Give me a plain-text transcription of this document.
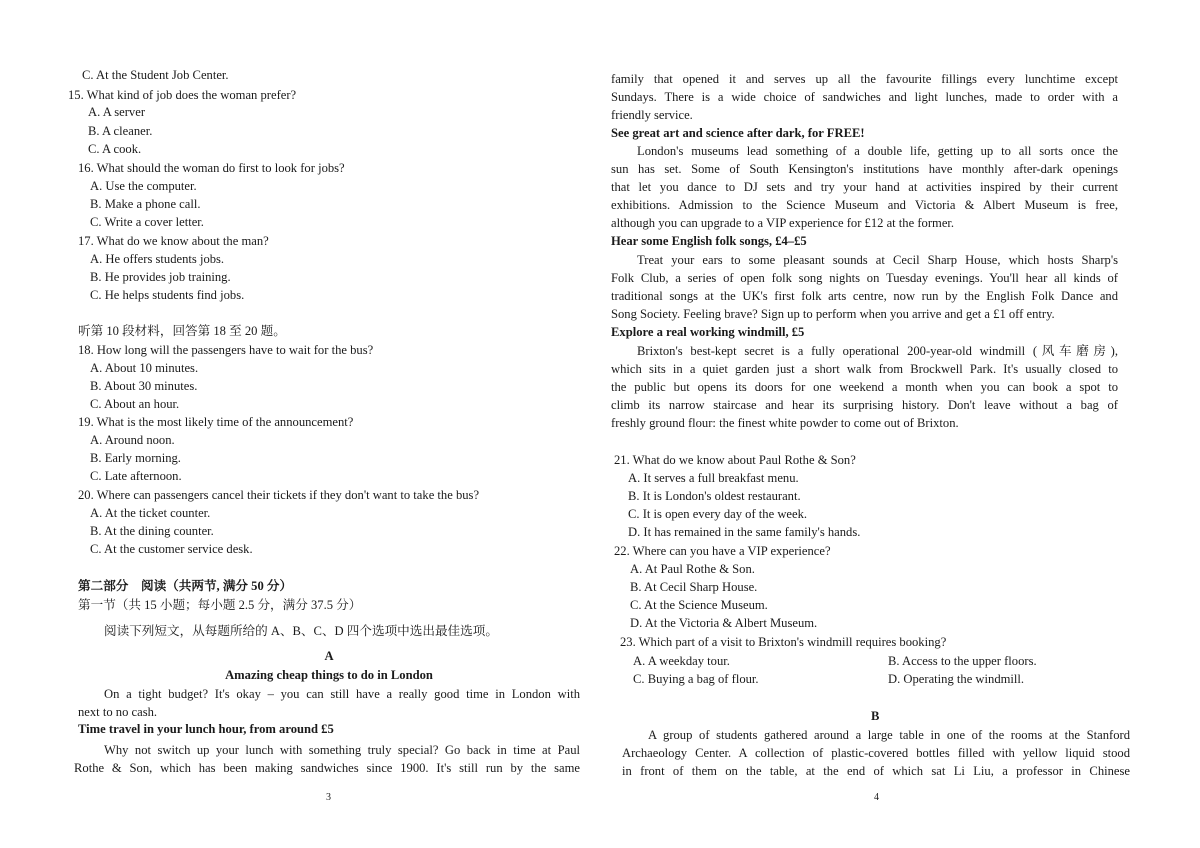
C. At the Student Job Center.
15. What kind of job does the woman prefer?
A. A server
B. A cleaner.
C. A cook.
16. What should the woman do first to look for jobs?
A. Use the computer.
B. Make a phone call.
C. Write a cover letter.
17. What do we know about the man?
A. He offers students jobs.
B. He provides job training.
C. He helps students find jobs.
听第 10 段材料，回答第 18 至 20 题。
18. How long will the passengers have to wait for the bus?
A. About 10 minutes.
B. About 30 minutes.
C. About an hour.
19. What is the most likely time of the announcement?
A. Around noon.
B. Early morning.
C. Late afternoon.
20. Where can passengers cancel their tickets if they don't want to take the bus?
A. At the ticket counter.
B. At the dining counter.
C. At the customer service desk.
第二部分　阅读（共两节, 满分 50 分）
第一节（共 15 小题；每小题 2.5 分，满分 37.5 分）
阅读下列短文，从每题所给的 A、B、C、D 四个选项中选出最佳选项。
A
Amazing cheap things to do in London
On a tight budget? It's okay – you can still have a really good time in London with
next to no cash.
Time travel in your lunch hour, from around £5
Why not switch up your lunch with something truly special? Go back in time at Paul
Rothe & Son, which has been making sandwiches since 1900. It's still run by the same
3
family that opened it and serves up all the favourite fillings every lunchtime except
Sundays. There is a wide choice of sandwiches and light lunches, made to order with a
friendly service.
See great art and science after dark, for FREE!
London's museums lead something of a double life, getting up to all sorts once the
sun has set. Some of South Kensington's institutions have monthly after-dark openings
that let you dance to DJ sets and try your hand at activities inspired by their current
exhibitions. Admission to the Science Museum and Victoria & Albert Museum is free,
although you can upgrade to a VIP experience for £12 at the former.
Hear some English folk songs, £4–£5
Treat your ears to some pleasant sounds at Cecil Sharp House, which hosts Sharp's
Folk Club, a series of open folk song nights on Tuesday evenings. You'll hear all kinds of
traditional songs at the UK's first folk arts centre, now run by the English Folk Dance and
Song Society. Feeling brave? Sign up to perform when you arrive and get a £1 off entry.
Explore a real working windmill, £5
Brixton's best-kept secret is a fully operational 200-year-old windmill (风车磨房),
which sits in a quiet garden just a short walk from Brockwell Park. It's usually closed to
the public but opens its doors for one weekend a month when you can book a spot to
climb its narrow staircase and hear its surprising history. Don't leave without a bag of
freshly ground flour: the finest white powder to come out of Brixton.
21. What do we know about Paul Rothe & Son?
A. It serves a full breakfast menu.
B. It is London's oldest restaurant.
C. It is open every day of the week.
D. It has remained in the same family's hands.
22. Where can you have a VIP experience?
A. At Paul Rothe & Son.
B. At Cecil Sharp House.
C. At the Science Museum.
D. At the Victoria & Albert Museum.
23. Which part of a visit to Brixton's windmill requires booking?
A. A weekday tour.	B. Access to the upper floors.
C. Buying a bag of flour.	D. Operating the windmill.
B
A group of students gathered around a large table in one of the rooms at the Stanford
Archaeology Center. A collection of plastic-covered bottles filled with yellow liquid stood
in front of them on the table, at the end of which sat Li Liu, a professor in Chinese
4
